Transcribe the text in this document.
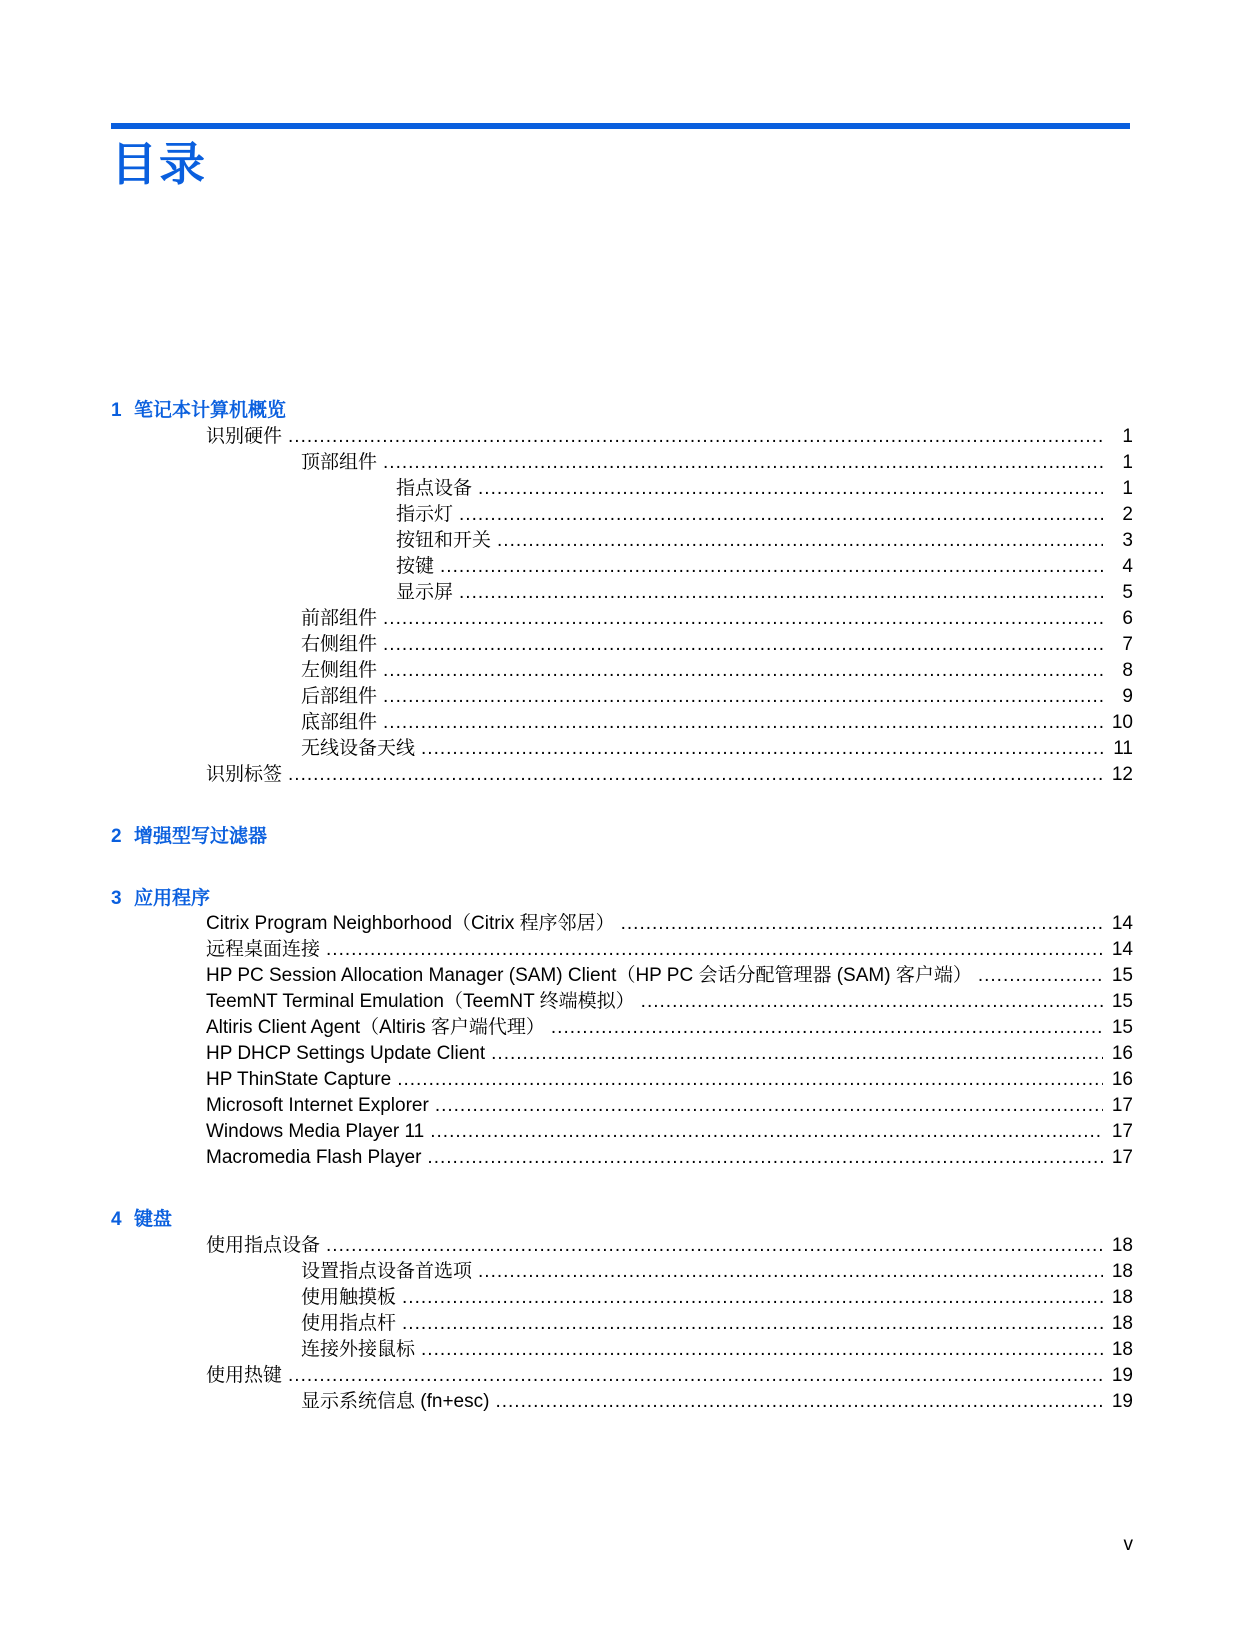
目录
1 笔记本计算机概览
识别硬件 .....	1
顶部组件 .....	1
指点设备 .....	1
指示灯 .....	2
按钮和开关 .....	3
按键 .....	4
显示屏 .....	5
前部组件 .....	6
右侧组件 .....	7
左侧组件 .....	8
后部组件 .....	9
底部组件 .....	10
无线设备天线 .....	11
识别标签 .....	12
2 增强型写过滤器
3 应用程序
Citrix Program Neighborhood（Citrix 程序邻居） .....	14
远程桌面连接 .....	14
HP PC Session Allocation Manager (SAM) Client（HP PC 会话分配管理器 (SAM) 客户端） .....	15
TeemNT Terminal Emulation（TeemNT 终端模拟） .....	15
Altiris Client Agent（Altiris 客户端代理） .....	15
HP DHCP Settings Update Client .....	16
HP ThinState Capture .....	16
Microsoft Internet Explorer .....	17
Windows Media Player 11 .....	17
Macromedia Flash Player .....	17
4 键盘
使用指点设备 .....	18
设置指点设备首选项 .....	18
使用触摸板 .....	18
使用指点杆 .....	18
连接外接鼠标 .....	18
使用热键 .....	19
显示系统信息 (fn+esc) .....	19
v
